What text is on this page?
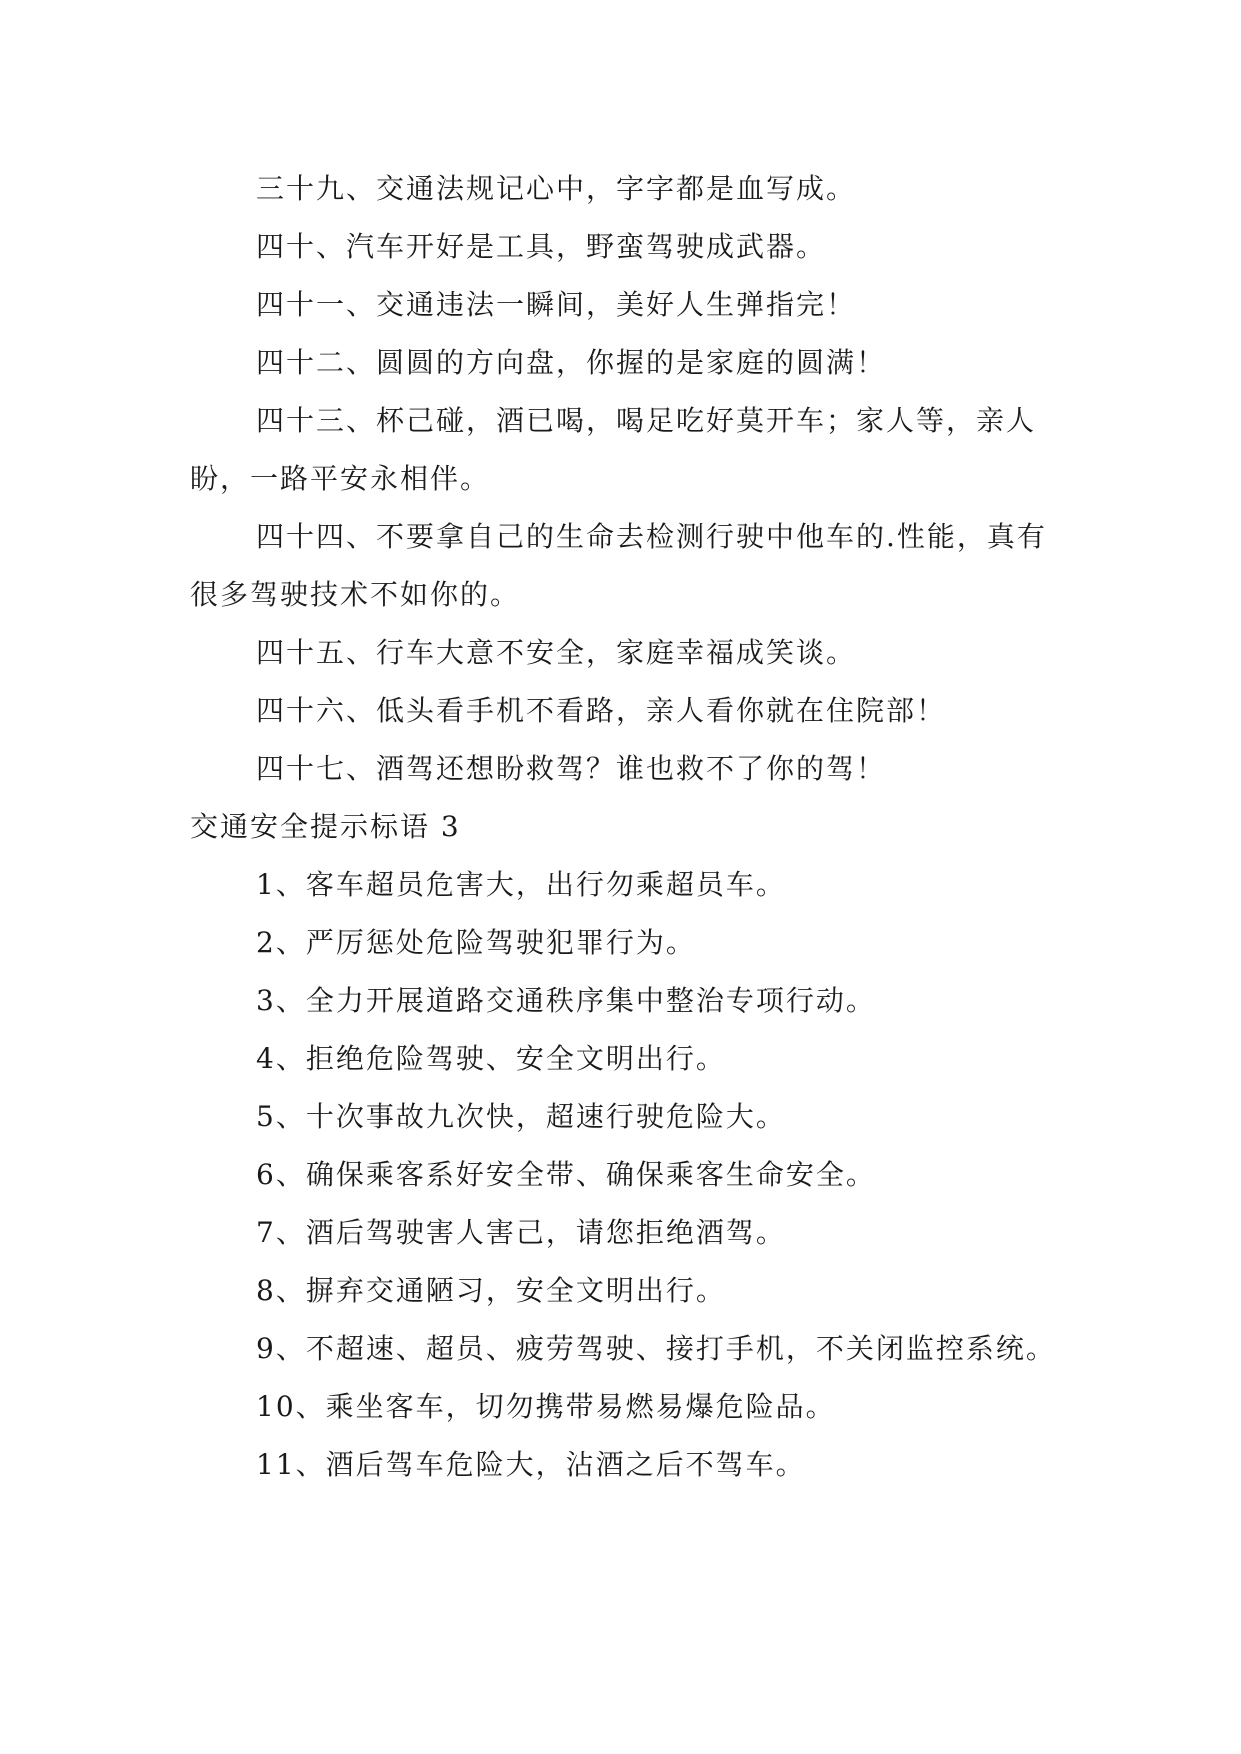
三十九、交通法规记心中，字字都是血写成。

四十、汽车开好是工具，野蛮驾驶成武器。

四十一、交通违法一瞬间，美好人生弹指完！

四十二、圆圆的方向盘，你握的是家庭的圆满！

四十三、杯己碰，酒已喝，喝足吃好莫开车；家人等，亲人盼，一路平安永相伴。

四十四、不要拿自己的生命去检测行驶中他车的.性能，真有很多驾驶技术不如你的。

四十五、行车大意不安全，家庭幸福成笑谈。

四十六、低头看手机不看路，亲人看你就在住院部！

四十七、酒驾还想盼救驾？谁也救不了你的驾！

交通安全提示标语 3

1、客车超员危害大，出行勿乘超员车。

2、严厉惩处危险驾驶犯罪行为。

3、全力开展道路交通秩序集中整治专项行动。

4、拒绝危险驾驶、安全文明出行。

5、十次事故九次快，超速行驶危险大。

6、确保乘客系好安全带、确保乘客生命安全。

7、酒后驾驶害人害己，请您拒绝酒驾。

8、摒弃交通陋习，安全文明出行。

9、不超速、超员、疲劳驾驶、接打手机，不关闭监控系统。

10、乘坐客车，切勿携带易燃易爆危险品。

11、酒后驾车危险大，沾酒之后不驾车。
